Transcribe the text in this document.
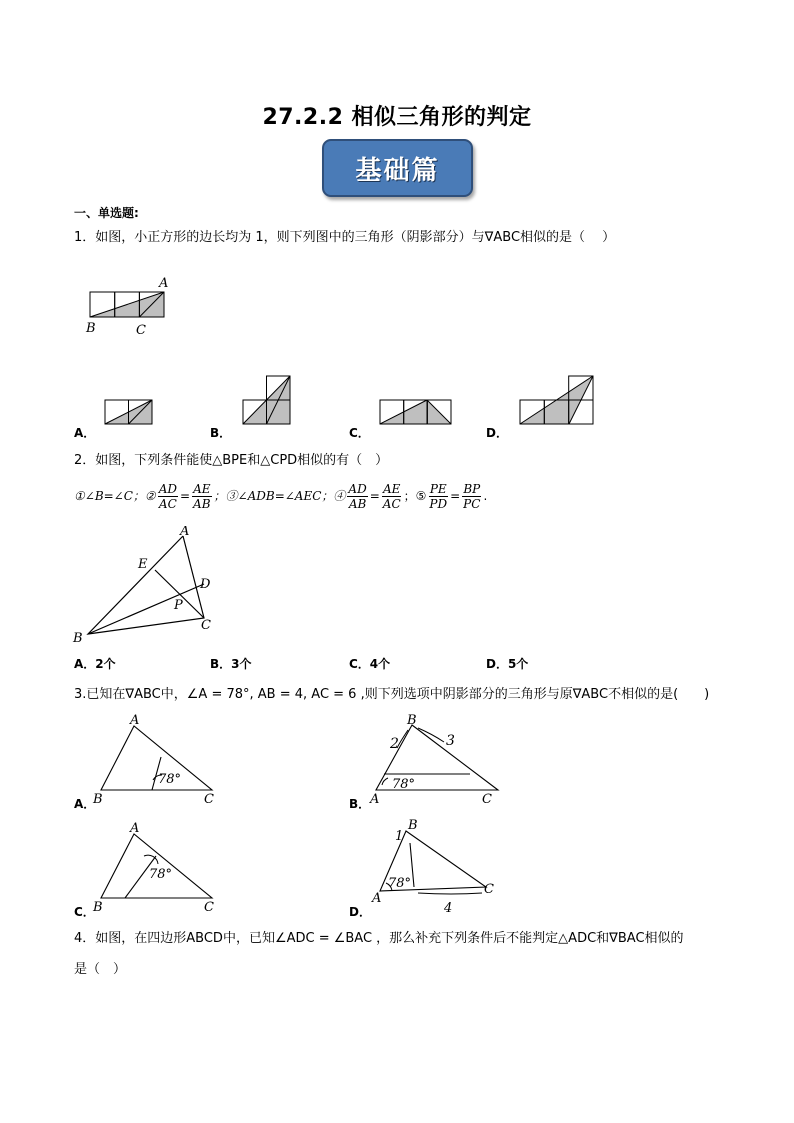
27.2.2 相似三角形的判定
基础篇
一、单选题:
1．如图，小正方形的边长均为 1，则下列图中的三角形（阴影部分）与∇ABC相似的是（　 ）
A
B	C
A．	B．	C．	D．
2．如图，下列条件能使△BPE和△CPD相似的有（　）
①∠B=∠C；② $\frac{AD}{AC} = \frac{AE}{AB}$ ；③∠ADB=∠AEC；④ $\frac{AD}{AB} = \frac{AE}{AC}$ ；⑤ $\frac{PE}{PD} = \frac{BP}{PC}$ .
A
E
D
P
B
C
A．2个	B．3个	C．4个	D．5个
3.已知在∇ABC中，∠A = 78°, AB = 4, AC = 6 ,则下列选项中阴影部分的三角形与原∇ABC不相似的是(　　)
A．
A
B	C
78°
B．
B
A	C
2	3
78°
C．
A
B	C
78°
D．
B
A
C
1
4
78°
4．如图，在四边形ABCD中，已知∠ADC = ∠BAC ，那么补充下列条件后不能判定△ADC和∇BAC相似的
是（　）
